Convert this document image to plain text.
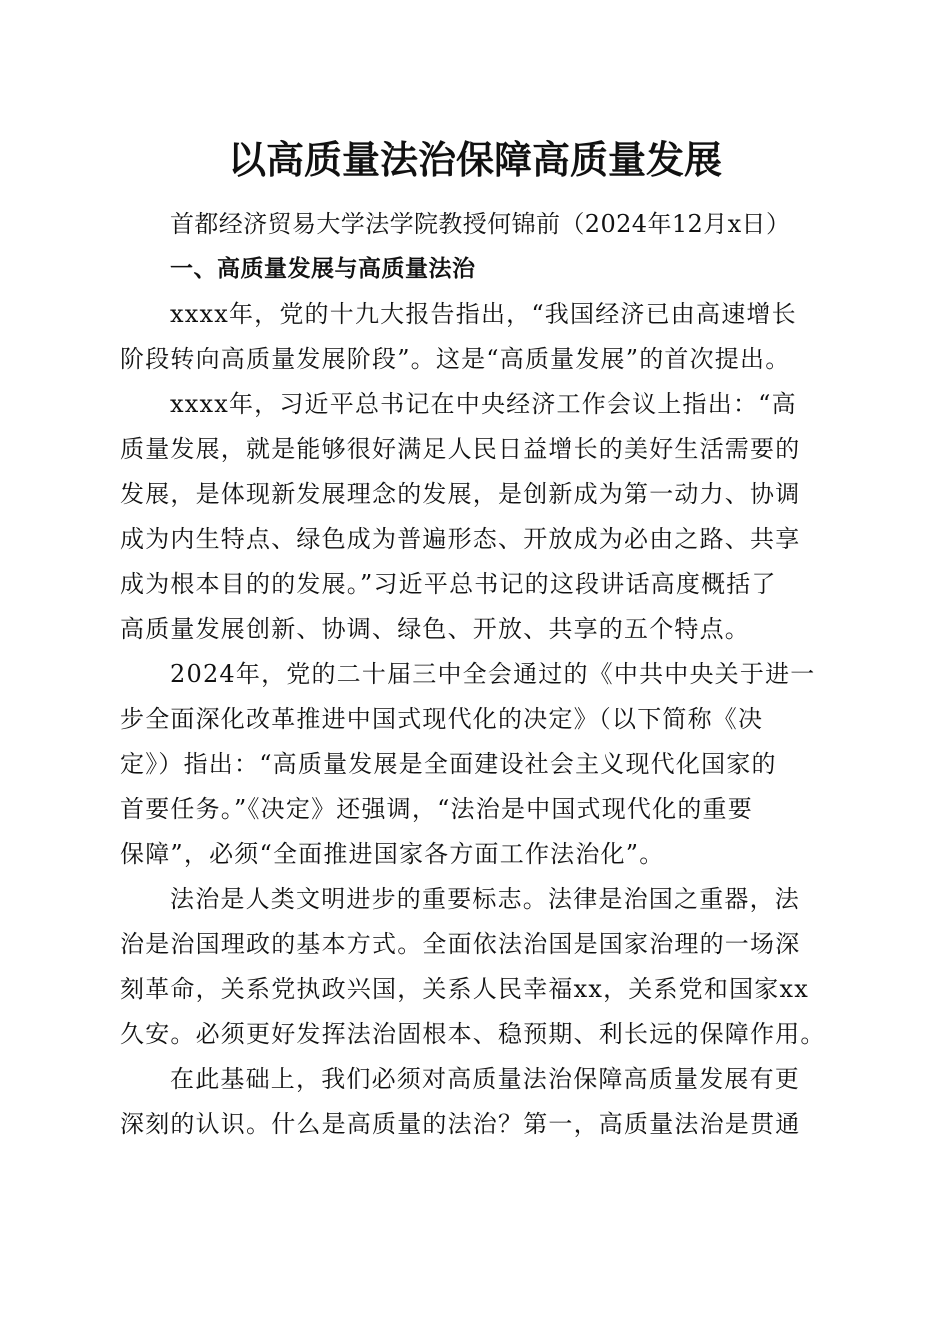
以高质量法治保障高质量发展
首都经济贸易大学法学院教授何锦前（2024年12月x日）
一、高质量发展与高质量法治
xxxx年，党的十九大报告指出，“我国经济已由高速增长
阶段转向高质量发展阶段”。这是“高质量发展”的首次提出。
xxxx年，习近平总书记在中央经济工作会议上指出：“高
质量发展，就是能够很好满足人民日益增长的美好生活需要的
发展，是体现新发展理念的发展，是创新成为第一动力、协调
成为内生特点、绿色成为普遍形态、开放成为必由之路、共享
成为根本目的的发展。”习近平总书记的这段讲话高度概括了
高质量发展创新、协调、绿色、开放、共享的五个特点。
2024年，党的二十届三中全会通过的《中共中央关于进一
步全面深化改革推进中国式现代化的决定》（以下简称《决
定》）指出：“高质量发展是全面建设社会主义现代化国家的
首要任务。”《决定》还强调，“法治是中国式现代化的重要
保障”，必须“全面推进国家各方面工作法治化”。
法治是人类文明进步的重要标志。法律是治国之重器，法
治是治国理政的基本方式。全面依法治国是国家治理的一场深
刻革命，关系党执政兴国，关系人民幸福xx，关系党和国家xx
久安。必须更好发挥法治固根本、稳预期、利长远的保障作用。
在此基础上，我们必须对高质量法治保障高质量发展有更
深刻的认识。什么是高质量的法治？第一，高质量法治是贯通
